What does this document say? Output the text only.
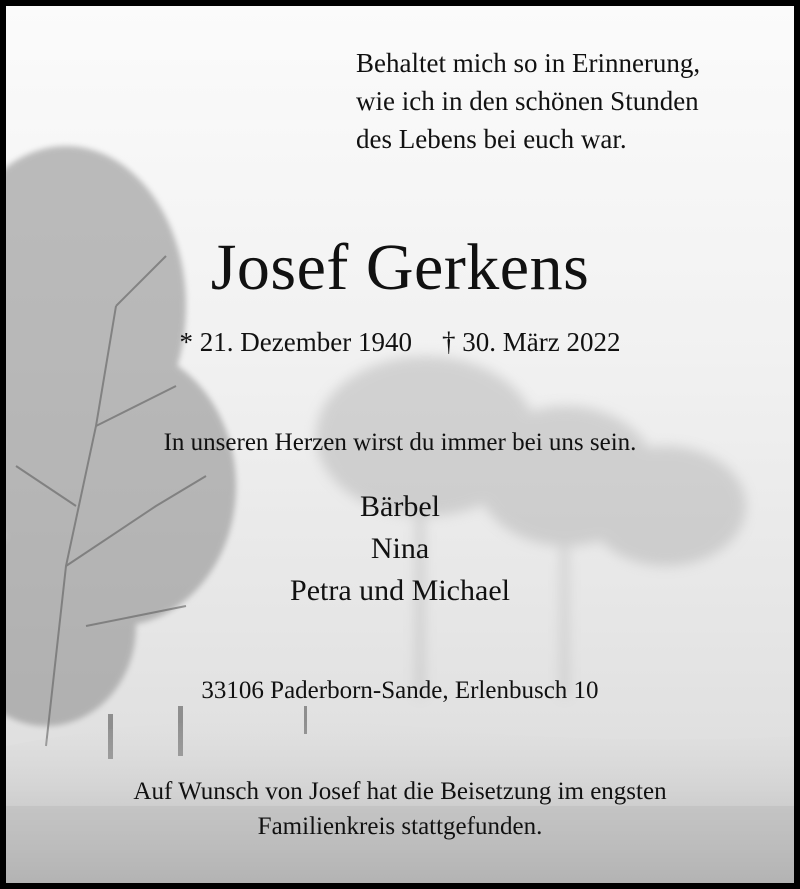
Behaltet mich so in Erinnerung,
wie ich in den schönen Stunden
des Lebens bei euch war.
Josef Gerkens
* 21. Dezember 1940 † 30. März 2022
In unseren Herzen wirst du immer bei uns sein.
Bärbel
Nina
Petra und Michael
33106 Paderborn-Sande, Erlenbusch 10
Auf Wunsch von Josef hat die Beisetzung im engsten
Familienkreis stattgefunden.
